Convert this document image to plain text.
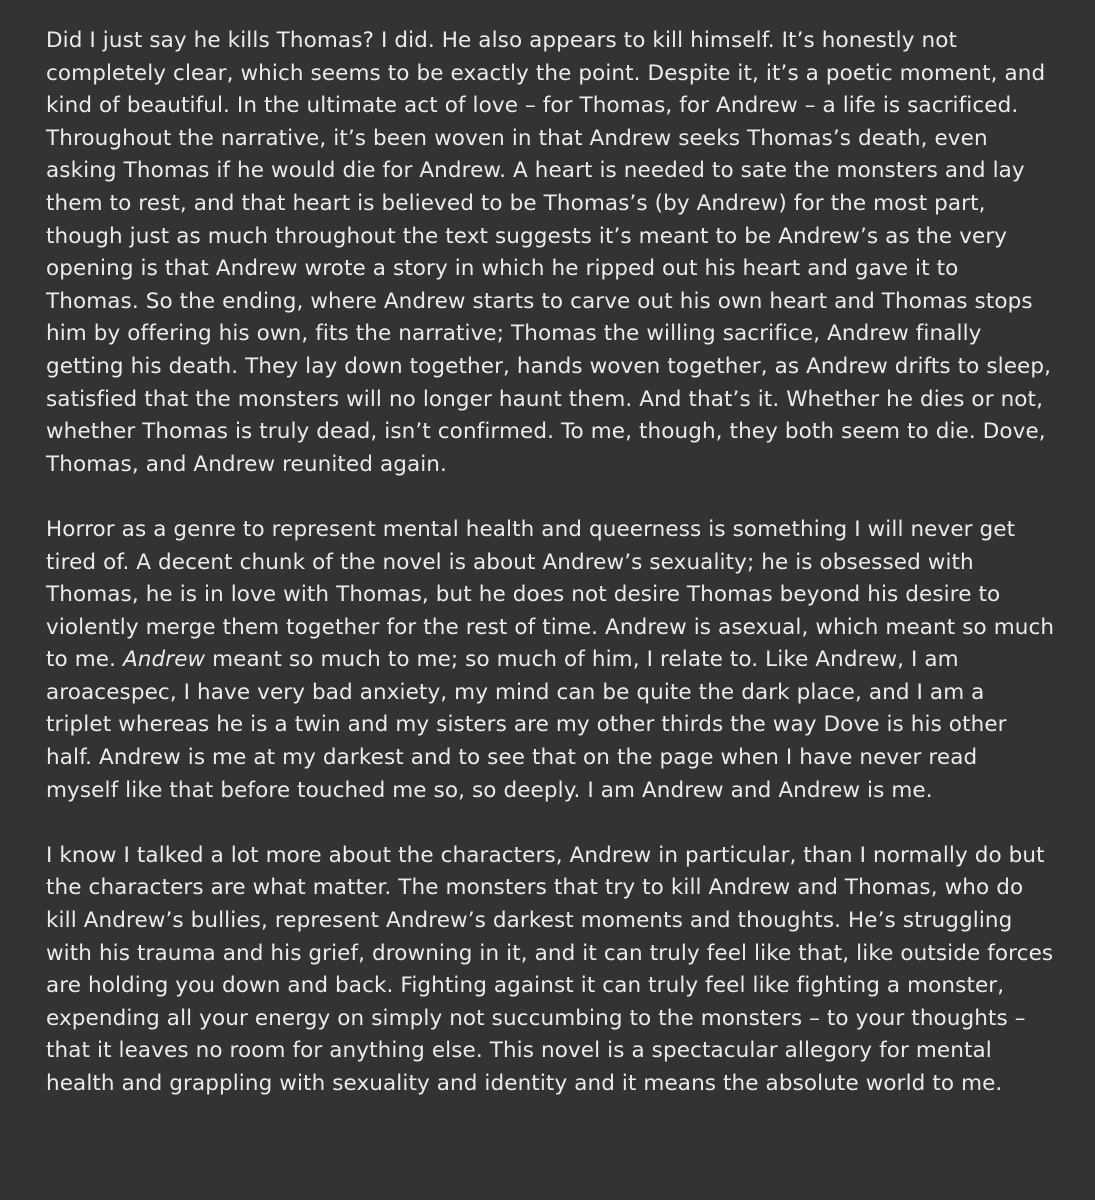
Did I just say he kills Thomas? I did. He also appears to kill himself. It’s honestly not completely clear, which seems to be exactly the point. Despite it, it’s a poetic moment, and kind of beautiful. In the ultimate act of love – for Thomas, for Andrew – a life is sacrificed. Throughout the narrative, it’s been woven in that Andrew seeks Thomas’s death, even asking Thomas if he would die for Andrew. A heart is needed to sate the monsters and lay them to rest, and that heart is believed to be Thomas’s (by Andrew) for the most part, though just as much throughout the text suggests it’s meant to be Andrew’s as the very opening is that Andrew wrote a story in which he ripped out his heart and gave it to Thomas. So the ending, where Andrew starts to carve out his own heart and Thomas stops him by offering his own, fits the narrative; Thomas the willing sacrifice, Andrew finally getting his death. They lay down together, hands woven together, as Andrew drifts to sleep, satisfied that the monsters will no longer haunt them. And that’s it. Whether he dies or not, whether Thomas is truly dead, isn’t confirmed. To me, though, they both seem to die. Dove, Thomas, and Andrew reunited again.

Horror as a genre to represent mental health and queerness is something I will never get tired of. A decent chunk of the novel is about Andrew’s sexuality; he is obsessed with Thomas, he is in love with Thomas, but he does not desire Thomas beyond his desire to violently merge them together for the rest of time. Andrew is asexual, which meant so much to me. Andrew meant so much to me; so much of him, I relate to. Like Andrew, I am aroacespec, I have very bad anxiety, my mind can be quite the dark place, and I am a triplet whereas he is a twin and my sisters are my other thirds the way Dove is his other half. Andrew is me at my darkest and to see that on the page when I have never read myself like that before touched me so, so deeply. I am Andrew and Andrew is me.

I know I talked a lot more about the characters, Andrew in particular, than I normally do but the characters are what matter. The monsters that try to kill Andrew and Thomas, who do kill Andrew’s bullies, represent Andrew’s darkest moments and thoughts. He’s struggling with his trauma and his grief, drowning in it, and it can truly feel like that, like outside forces are holding you down and back. Fighting against it can truly feel like fighting a monster, expending all your energy on simply not succumbing to the monsters – to your thoughts – that it leaves no room for anything else. This novel is a spectacular allegory for mental health and grappling with sexuality and identity and it means the absolute world to me.
